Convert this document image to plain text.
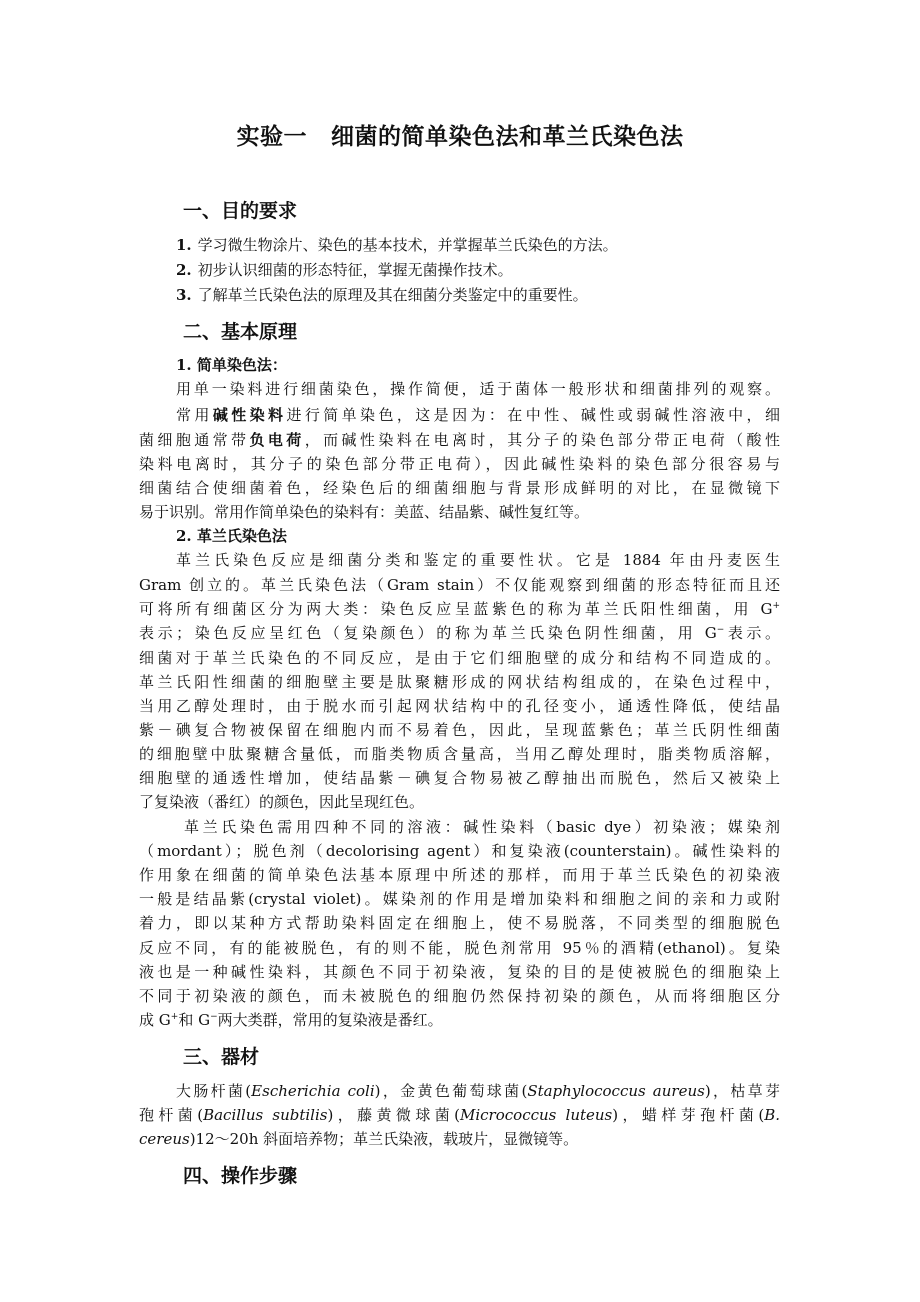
实验一 细菌的简单染色法和革兰氏染色法
一、目的要求
1. 学习微生物涂片、染色的基本技术，并掌握革兰氏染色的方法。
2. 初步认识细菌的形态特征，掌握无菌操作技术。
3. 了解革兰氏染色法的原理及其在细菌分类鉴定中的重要性。
二、基本原理
1. 简单染色法：
用单一染料进行细菌染色，操作简便，适于菌体一般形状和细菌排列的观察。
常用碱性染料进行简单染色，这是因为：在中性、碱性或弱碱性溶液中，细
菌细胞通常带负电荷，而碱性染料在电离时，其分子的染色部分带正电荷（酸性
染料电离时，其分子的染色部分带正电荷），因此碱性染料的染色部分很容易与
细菌结合使细菌着色，经染色后的细菌细胞与背景形成鲜明的对比，在显微镜下
易于识别。常用作简单染色的染料有：美蓝、结晶紫、碱性复红等。
2. 革兰氏染色法
革兰氏染色反应是细菌分类和鉴定的重要性状。它是 1884 年由丹麦医生
Gram 创立的。革兰氏染色法（Gram stain）不仅能观察到细菌的形态特征而且还
可将所有细菌区分为两大类：染色反应呈蓝紫色的称为革兰氏阳性细菌，用 G+
表示；染色反应呈红色（复染颜色）的称为革兰氏染色阴性细菌，用 G−表示。
细菌对于革兰氏染色的不同反应，是由于它们细胞壁的成分和结构不同造成的。
革兰氏阳性细菌的细胞壁主要是肽聚糖形成的网状结构组成的，在染色过程中，
当用乙醇处理时，由于脱水而引起网状结构中的孔径变小，通透性降低，使结晶
紫－碘复合物被保留在细胞内而不易着色，因此，呈现蓝紫色；革兰氏阴性细菌
的细胞壁中肽聚糖含量低，而脂类物质含量高，当用乙醇处理时，脂类物质溶解，
细胞壁的通透性增加，使结晶紫－碘复合物易被乙醇抽出而脱色，然后又被染上
了复染液（番红）的颜色，因此呈现红色。
革兰氏染色需用四种不同的溶液：碱性染料（basic dye）初染液；媒染剂
（mordant）；脱色剂（decolorising agent）和复染液(counterstain)。碱性染料的
作用象在细菌的简单染色法基本原理中所述的那样，而用于革兰氏染色的初染液
一般是结晶紫(crystal violet)。媒染剂的作用是增加染料和细胞之间的亲和力或附
着力，即以某种方式帮助染料固定在细胞上，使不易脱落，不同类型的细胞脱色
反应不同，有的能被脱色，有的则不能，脱色剂常用 95％的酒精(ethanol)。复染
液也是一种碱性染料，其颜色不同于初染液，复染的目的是使被脱色的细胞染上
不同于初染液的颜色，而未被脱色的细胞仍然保持初染的颜色，从而将细胞区分
成 G+和 G−两大类群，常用的复染液是番红。
三、器材
大肠杆菌(Escherichia coli)，金黄色葡萄球菌(Staphylococcus aureus)，枯草芽
孢杆菌(Bacillus subtilis)，藤黄微球菌(Micrococcus luteus)，蜡样芽孢杆菌(B.
cereus)12～20h 斜面培养物；革兰氏染液，载玻片，显微镜等。
四、操作步骤
